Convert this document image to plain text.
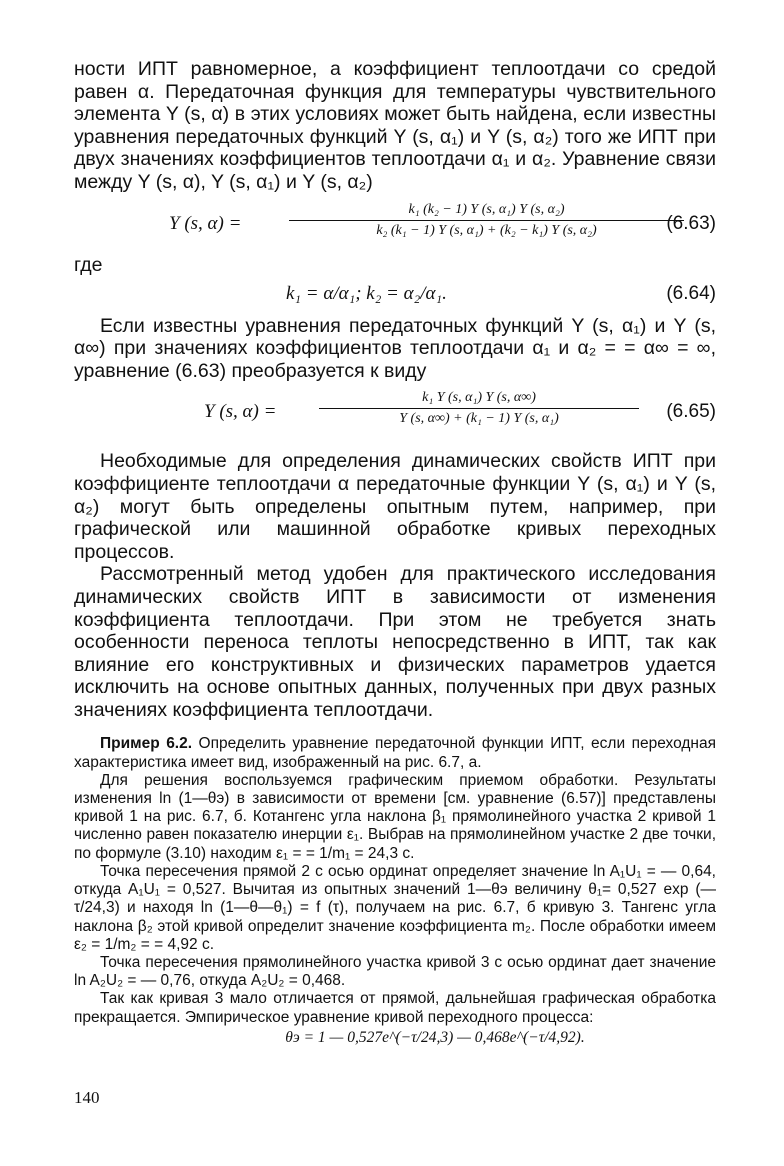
ности ИПТ равномерное, а коэффициент теплоотдачи со средой равен α. Передаточная функция для температуры чувствительного элемента Y (s, α) в этих условиях может быть найдена, если известны уравнения передаточных функций Y (s, α₁) и Y (s, α₂) того же ИПТ при двух значениях коэффициентов теплоотдачи α₁ и α₂. Уравнение связи между Y (s, α), Y (s, α₁) и Y (s, α₂)

Y (s, α) =	$\frac{\text{k₁ (k₂ − 1) Y (s, α₁) Y (s, α₂)}}{\text{k₂ (k₁ − 1) Y (s, α₁) + (k₂ − k₁) Y (s, α₂)}}$
(6.63)

где

k₁ = α/α₁; k₂ = α₂/α₁.	(6.64)

Если известны уравнения передаточных функций Y (s, α₁) и Y (s, α∞) при значениях коэффициентов теплоотдачи α₁ и α₂ = = α∞ = ∞, уравнение (6.63) преобразуется к виду

Y (s, α) =	$\frac{\text{k₁ Y (s, α₁) Y (s, α∞)}}{\text{Y (s, α∞) + (k₁ − 1) Y (s, α₁)}} (6.65)$

Необходимые для определения динамических свойств ИПТ при коэффициенте теплоотдачи α передаточные функции Y (s, α₁) и Y (s, α₂) могут быть определены опытным путем, например, при графической или машинной обработке кривых переходных процессов.

Рассмотренный метод удобен для практического исследования динамических свойств ИПТ в зависимости от изменения коэффициента теплоотдачи. При этом не требуется знать особенности переноса теплоты непосредственно в ИПТ, так как влияние его конструктивных и физических параметров удается исключить на основе опытных данных, полученных при двух разных значениях коэффициента теплоотдачи.

Пример 6.2. Определить уравнение передаточной функции ИПТ, если переходная характеристика имеет вид, изображенный на рис. 6.7, а.

Для решения воспользуемся графическим приемом обработки. Результаты изменения ln (1—θэ) в зависимости от времени [см. уравнение (6.57)] представлены кривой 1 на рис. 6.7, б. Котангенс угла наклона β₁ прямолинейного участка 2 кривой 1 численно равен показателю инерции ε₁. Выбрав на прямолинейном участке 2 две точки, по формуле (3.10) находим ε₁ = = 1/m₁ = 24,3 с.

Точка пересечения прямой 2 с осью ординат определяет значение ln A₁U₁ = — 0,64, откуда A₁U₁ = 0,527. Вычитая из опытных значений 1—θэ величину θ₁= 0,527 exp (— τ/24,3) и находя ln (1—θ—θ₁) = f (τ), получаем на рис. 6.7, б кривую 3. Тангенс угла наклона β₂ этой кривой определит значение коэффициента m₂. После обработки имеем ε₂ = 1/m₂ = = 4,92 с.

Точка пересечения прямолинейного участка кривой 3 с осью ординат дает значение ln A₂U₂ = — 0,76, откуда A₂U₂ = 0,468.

Так как кривая 3 мало отличается от прямой, дальнейшая графическая обработка прекращается. Эмпирическое уравнение кривой переходного процесса:

θэ = 1 — 0,527e^(−τ/24,3) — 0,468e^(−τ/4,92).

140
